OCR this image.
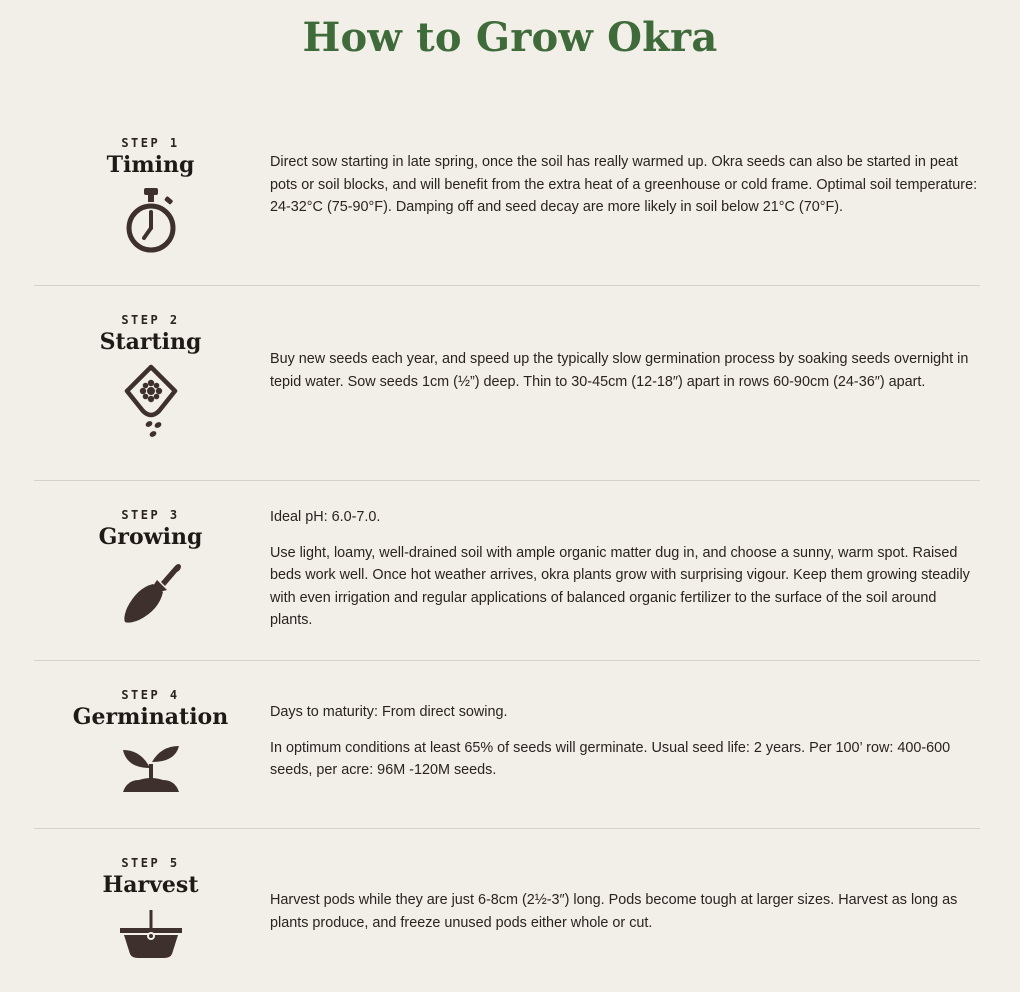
How to Grow Okra
STEP 1
Timing	Direct sow starting in late spring, once the soil has really warmed up. Okra seeds can also be started in peat pots or soil blocks, and will benefit from the extra heat of a greenhouse or cold frame. Optimal soil temperature: 24-32°C (75-90°F). Damping off and seed decay are more likely in soil below 21°C (70°F).

STEP 2
Starting

Buy new seeds each year, and speed up the typically slow germination process by soaking seeds overnight in tepid water. Sow seeds 1cm (½”) deep. Thin to 30-45cm (12-18″) apart in rows 60-90cm (24-36″) apart.

STEP 3
Growing

Ideal pH: 6.0-7.0.

Use light, loamy, well-drained soil with ample organic matter dug in, and choose a sunny, warm spot. Raised beds work well. Once hot weather arrives, okra plants grow with surprising vigour. Keep them growing steadily with even irrigation and regular applications of balanced organic fertilizer to the surface of the soil around plants.

STEP 4
Germination	Days to maturity: From direct sowing.

In optimum conditions at least 65% of seeds will germinate. Usual seed life: 2 years. Per 100’ row: 400-600 seeds, per acre: 96M -120M seeds.

STEP 5
Harvest

Harvest pods while they are just 6-8cm (2½-3″) long. Pods become tough at larger sizes. Harvest as long as plants produce, and freeze unused pods either whole or cut.
